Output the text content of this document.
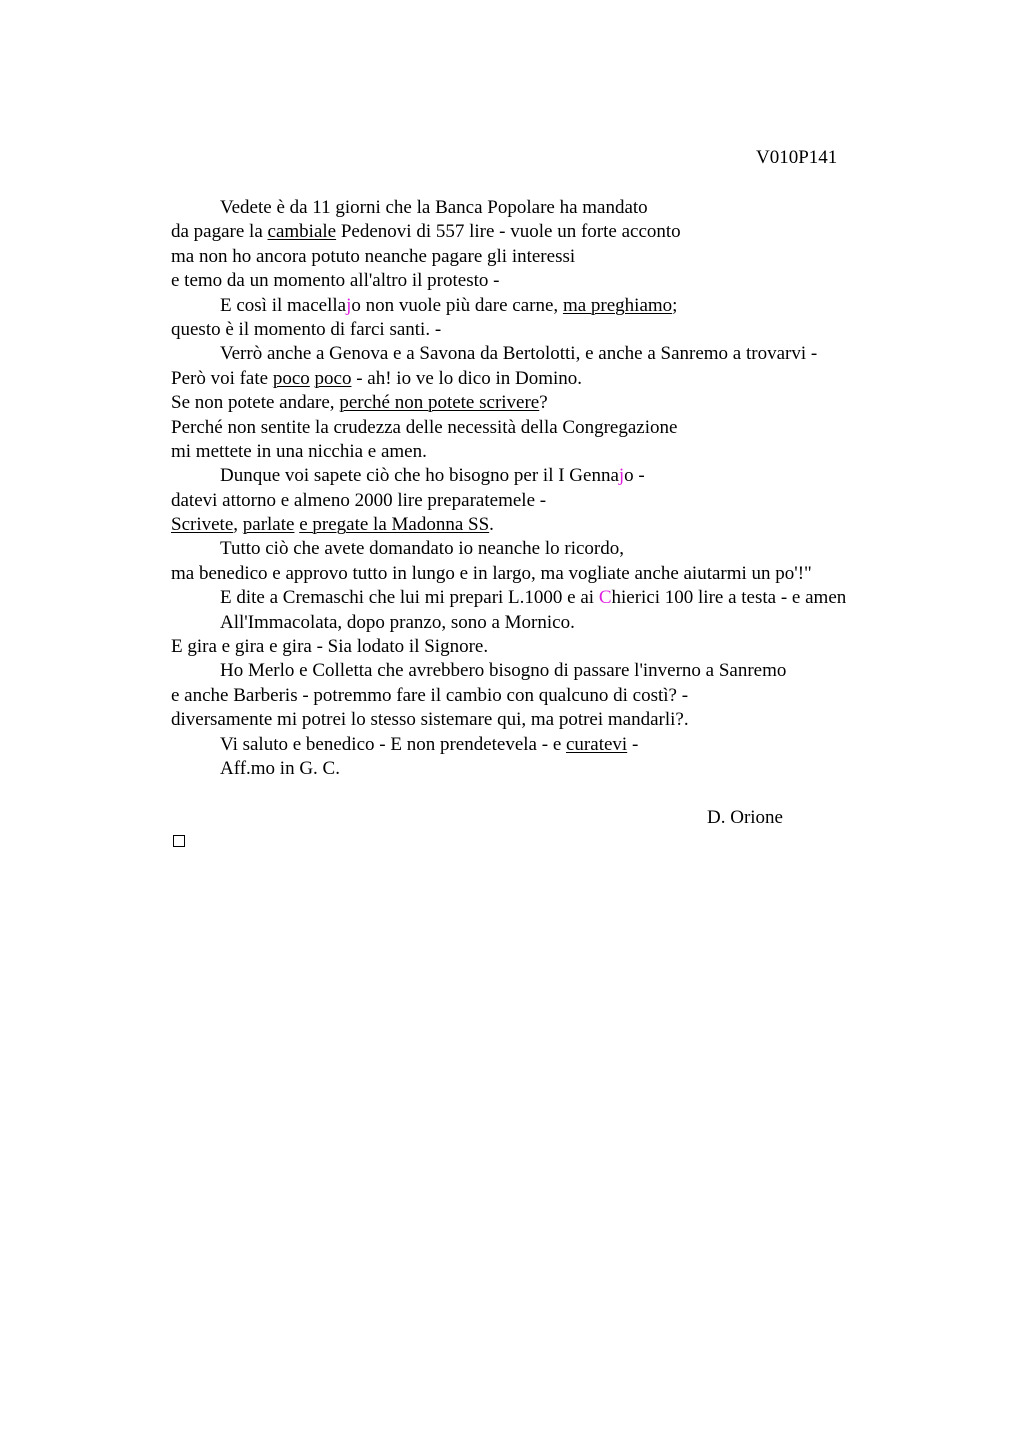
V010P141
Vedete è da 11 giorni che la Banca Popolare ha mandato
da pagare la cambiale Pedenovi di 557 lire - vuole un forte acconto
ma non ho ancora potuto neanche pagare gli interessi
e temo da un momento all'altro il protesto -
E così il macellajo non vuole più dare carne, ma preghiamo;
questo è il momento di farci santi. -
Verrò anche a Genova e a Savona da Bertolotti, e anche a Sanremo a trovarvi -
Però voi fate poco poco - ah! io ve lo dico in Domino.
Se non potete andare, perché non potete scrivere?
Perché non sentite la crudezza delle necessità della Congregazione
mi mettete in una nicchia e amen.
Dunque voi sapete ciò che ho bisogno per il I Gennajo -
datevi attorno e almeno 2000 lire preparatemele -
Scrivete, parlate e pregate la Madonna SS.
Tutto ciò che avete domandato io neanche lo ricordo,
ma benedico e approvo tutto in lungo e in largo, ma vogliate anche aiutarmi un po'!"
E dite a Cremaschi che lui mi prepari L.1000 e ai Chierici 100 lire a testa - e amen
All'Immacolata, dopo pranzo, sono a Mornico.
E gira e gira e gira - Sia lodato il Signore.
Ho Merlo e Colletta che avrebbero bisogno di passare l'inverno a Sanremo
e anche Barberis - potremmo fare il cambio con qualcuno di costì? -
diversamente mi potrei lo stesso sistemare qui, ma potrei mandarli?.
Vi saluto e benedico - E non prendetevela - e curatevi -
Aff.mo in G. C.
D. Orione
